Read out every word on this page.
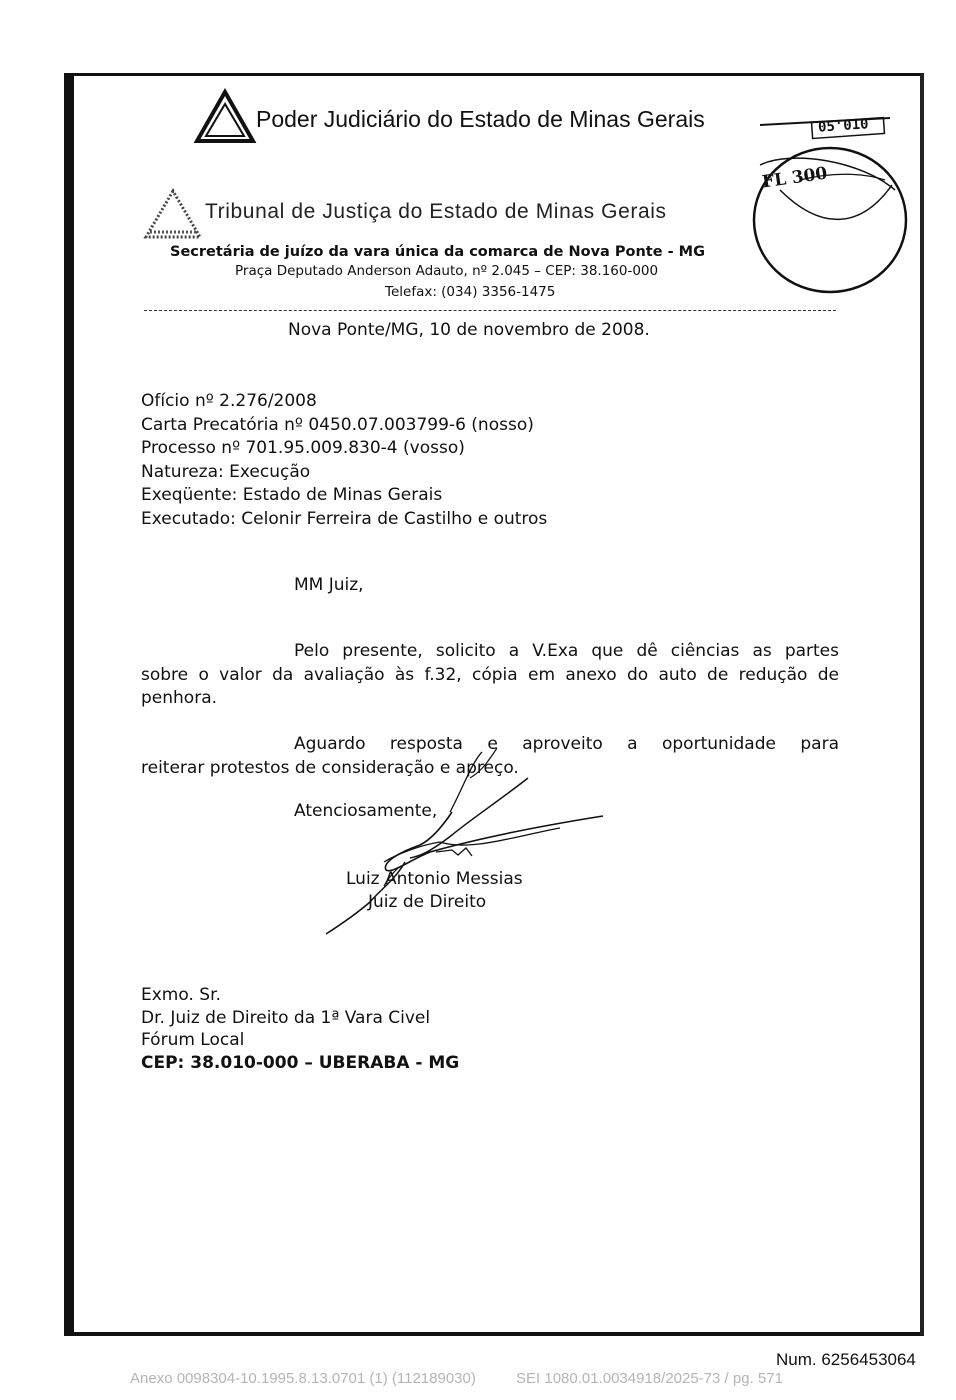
Poder Judiciário do Estado de Minas Gerais
Tribunal de Justiça do Estado de Minas Gerais
Secretária de juízo da vara única da comarca de Nova Ponte - MG
Praça Deputado Anderson Adauto, nº 2.045 – CEP: 38.160-000
Telefax: (034) 3356-1475
05'010
FL 300
Nova Ponte/MG, 10 de novembro de 2008.
Ofício nº 2.276/2008
Carta Precatória nº 0450.07.003799-6 (nosso)
Processo nº 701.95.009.830-4 (vosso)
Natureza: Execução
Exeqüente: Estado de Minas Gerais
Executado: Celonir Ferreira de Castilho e outros
MM Juiz,
Pelo presente, solicito a V.Exa que dê ciências as partes
sobre o valor da avaliação às f.32, cópia em anexo do auto de redução de penhora.
Aguardo resposta e aproveito a oportunidade para
reiterar protestos de consideração e apreço.
Atenciosamente,
Luiz Antonio Messias
Juiz de Direito
Exmo. Sr.
Dr. Juiz de Direito da 1ª Vara Civel
Fórum Local
CEP: 38.010-000 – UBERABA - MG
Num. 6256453064
Anexo 0098304-10.1995.8.13.0701 (1) (112189030)	SEI 1080.01.0034918/2025-73 / pg. 571
